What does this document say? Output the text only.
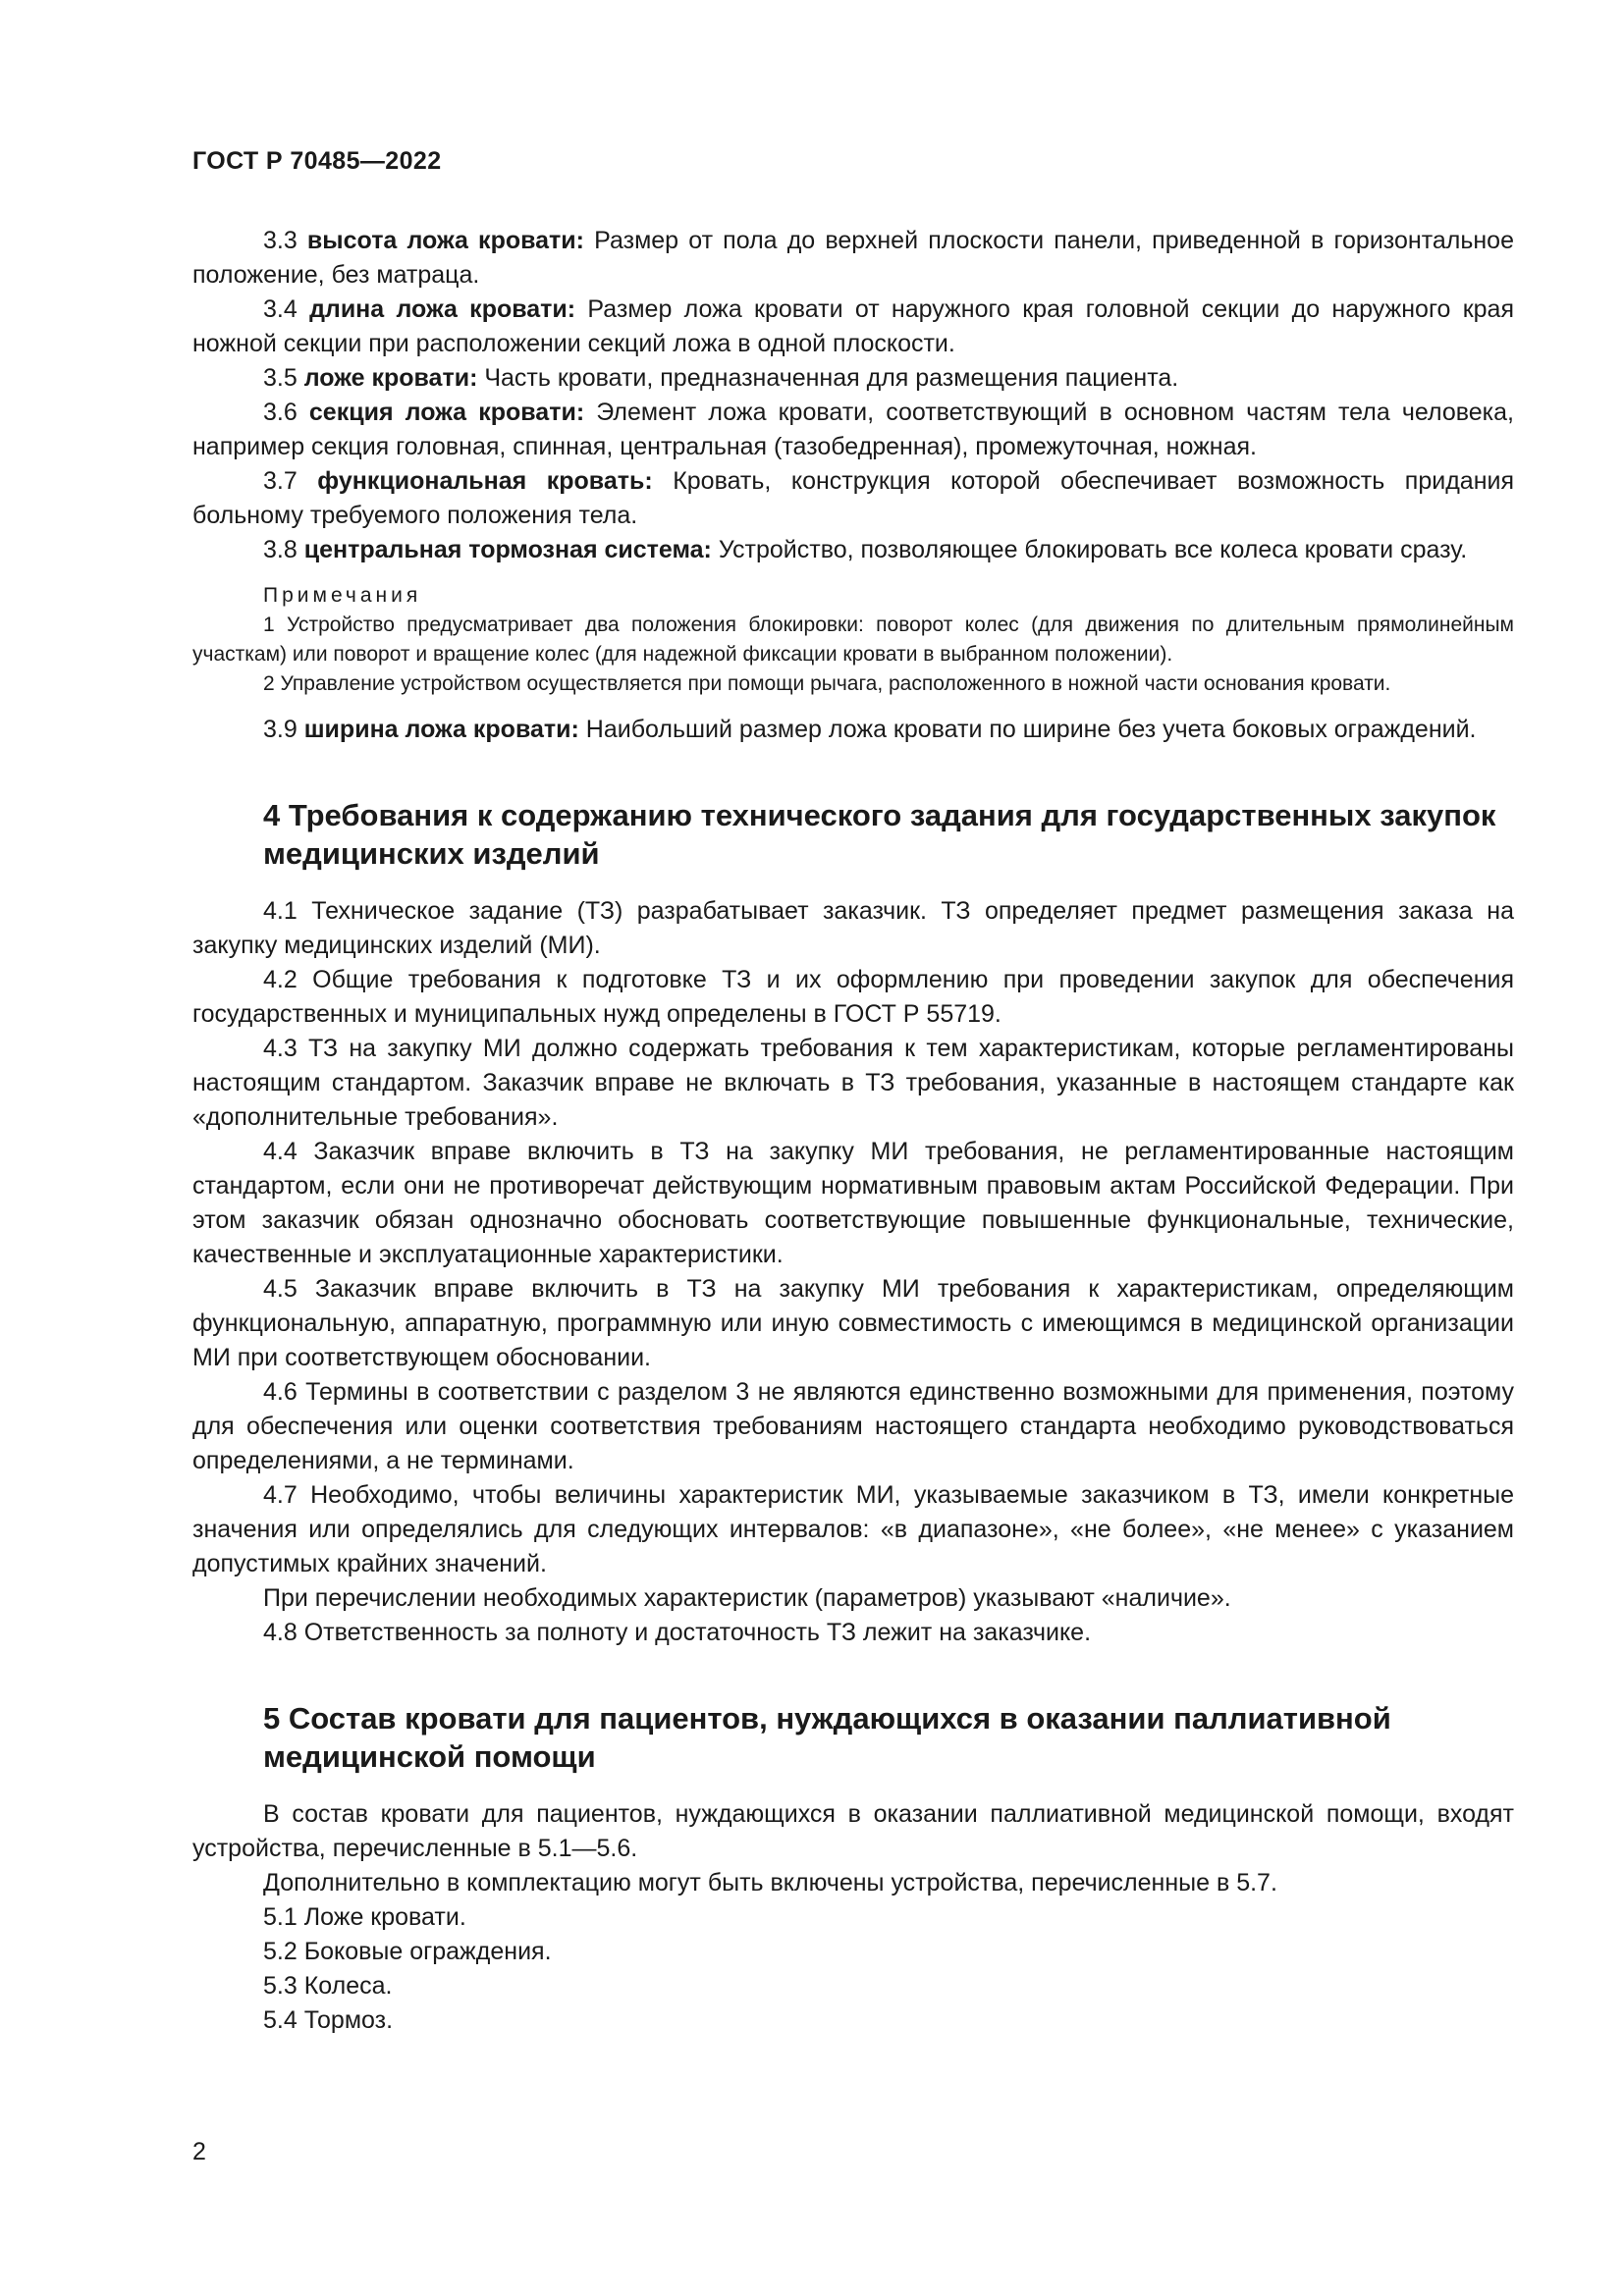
ГОСТ Р 70485—2022

3.3 высота ложа кровати: Размер от пола до верхней плоскости панели, приведенной в горизонтальное положение, без матраца.

3.4 длина ложа кровати: Размер ложа кровати от наружного края головной секции до наружного края ножной секции при расположении секций ложа в одной плоскости.

3.5 ложе кровати: Часть кровати, предназначенная для размещения пациента.

3.6 секция ложа кровати: Элемент ложа кровати, соответствующий в основном частям тела человека, например секция головная, спинная, центральная (тазобедренная), промежуточная, ножная.

3.7 функциональная кровать: Кровать, конструкция которой обеспечивает возможность придания больному требуемого положения тела.

3.8 центральная тормозная система: Устройство, позволяющее блокировать все колеса кровати сразу.

Примечания

1 Устройство предусматривает два положения блокировки: поворот колес (для движения по длительным прямолинейным участкам) или поворот и вращение колес (для надежной фиксации кровати в выбранном положении).

2 Управление устройством осуществляется при помощи рычага, расположенного в ножной части основания кровати.

3.9 ширина ложа кровати: Наибольший размер ложа кровати по ширине без учета боковых ограждений.

4 Требования к содержанию технического задания для государственных закупок медицинских изделий

4.1 Техническое задание (ТЗ) разрабатывает заказчик. ТЗ определяет предмет размещения заказа на закупку медицинских изделий (МИ).

4.2 Общие требования к подготовке ТЗ и их оформлению при проведении закупок для обеспечения государственных и муниципальных нужд определены в ГОСТ Р 55719.

4.3 ТЗ на закупку МИ должно содержать требования к тем характеристикам, которые регламентированы настоящим стандартом. Заказчик вправе не включать в ТЗ требования, указанные в настоящем стандарте как «дополнительные требования».

4.4 Заказчик вправе включить в ТЗ на закупку МИ требования, не регламентированные настоящим стандартом, если они не противоречат действующим нормативным правовым актам Российской Федерации. При этом заказчик обязан однозначно обосновать соответствующие повышенные функциональные, технические, качественные и эксплуатационные характеристики.

4.5 Заказчик вправе включить в ТЗ на закупку МИ требования к характеристикам, определяющим функциональную, аппаратную, программную или иную совместимость с имеющимся в медицинской организации МИ при соответствующем обосновании.

4.6 Термины в соответствии с разделом 3 не являются единственно возможными для применения, поэтому для обеспечения или оценки соответствия требованиям настоящего стандарта необходимо руководствоваться определениями, а не терминами.

4.7 Необходимо, чтобы величины характеристик МИ, указываемые заказчиком в ТЗ, имели конкретные значения или определялись для следующих интервалов: «в диапазоне», «не более», «не менее» с указанием допустимых крайних значений.

При перечислении необходимых характеристик (параметров) указывают «наличие».

4.8 Ответственность за полноту и достаточность ТЗ лежит на заказчике.

5 Состав кровати для пациентов, нуждающихся в оказании паллиативной медицинской помощи

В состав кровати для пациентов, нуждающихся в оказании паллиативной медицинской помощи, входят устройства, перечисленные в 5.1—5.6.

Дополнительно в комплектацию могут быть включены устройства, перечисленные в 5.7.

5.1 Ложе кровати.

5.2 Боковые ограждения.

5.3 Колеса.

5.4 Тормоз.

2
